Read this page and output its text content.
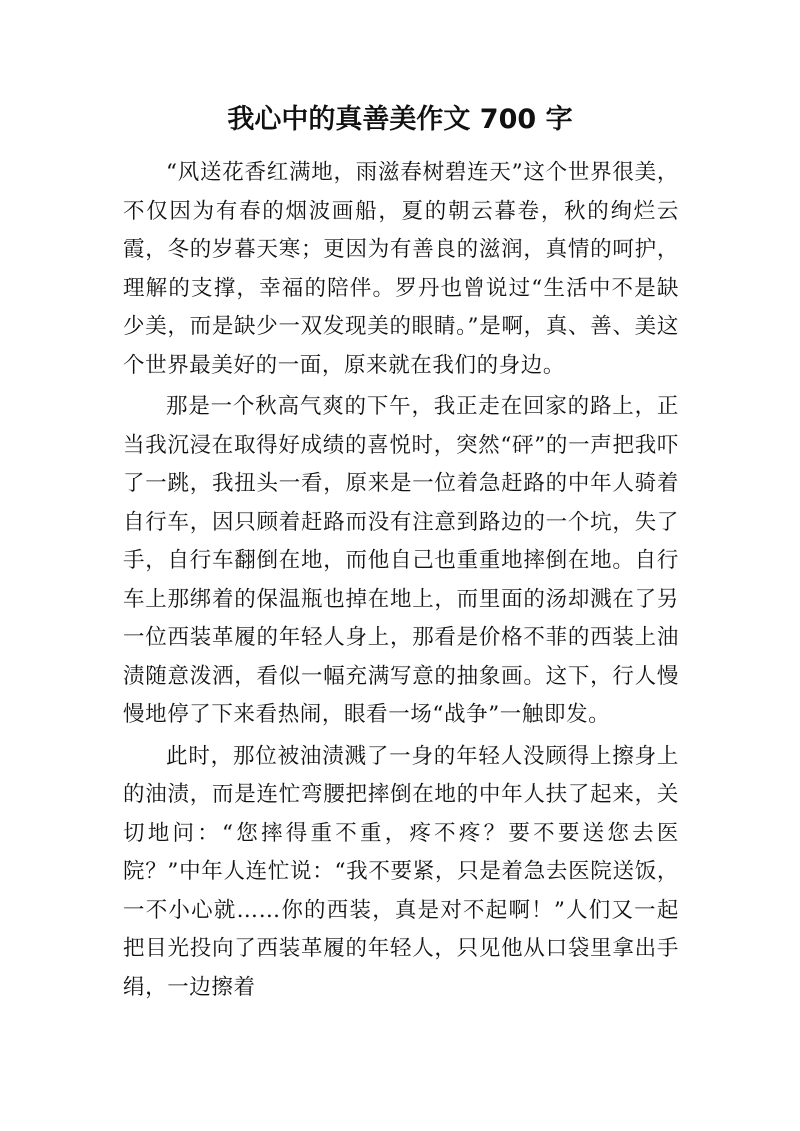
我心中的真善美作文 700 字

“风送花香红满地，雨滋春树碧连天”这个世界很美，不仅因为有春的烟波画船，夏的朝云暮卷，秋的绚烂云霞，冬的岁暮天寒；更因为有善良的滋润，真情的呵护，理解的支撑，幸福的陪伴。罗丹也曾说过“生活中不是缺少美，而是缺少一双发现美的眼睛。”是啊，真、善、美这个世界最美好的一面，原来就在我们的身边。

那是一个秋高气爽的下午，我正走在回家的路上，正当我沉浸在取得好成绩的喜悦时，突然“砰”的一声把我吓了一跳，我扭头一看，原来是一位着急赶路的中年人骑着自行车，因只顾着赶路而没有注意到路边的一个坑，失了手，自行车翻倒在地，而他自己也重重地摔倒在地。自行车上那绑着的保温瓶也掉在地上，而里面的汤却溅在了另一位西装革履的年轻人身上，那看是价格不菲的西装上油渍随意泼洒，看似一幅充满写意的抽象画。这下，行人慢慢地停了下来看热闹，眼看一场“战争”一触即发。

此时，那位被油渍溅了一身的年轻人没顾得上擦身上的油渍，而是连忙弯腰把摔倒在地的中年人扶了起来，关切地问：“您摔得重不重，疼不疼？要不要送您去医院？”中年人连忙说：“我不要紧，只是着急去医院送饭，一不小心就……你的西装，真是对不起啊！”人们又一起把目光投向了西装革履的年轻人，只见他从口袋里拿出手绢，一边擦着
